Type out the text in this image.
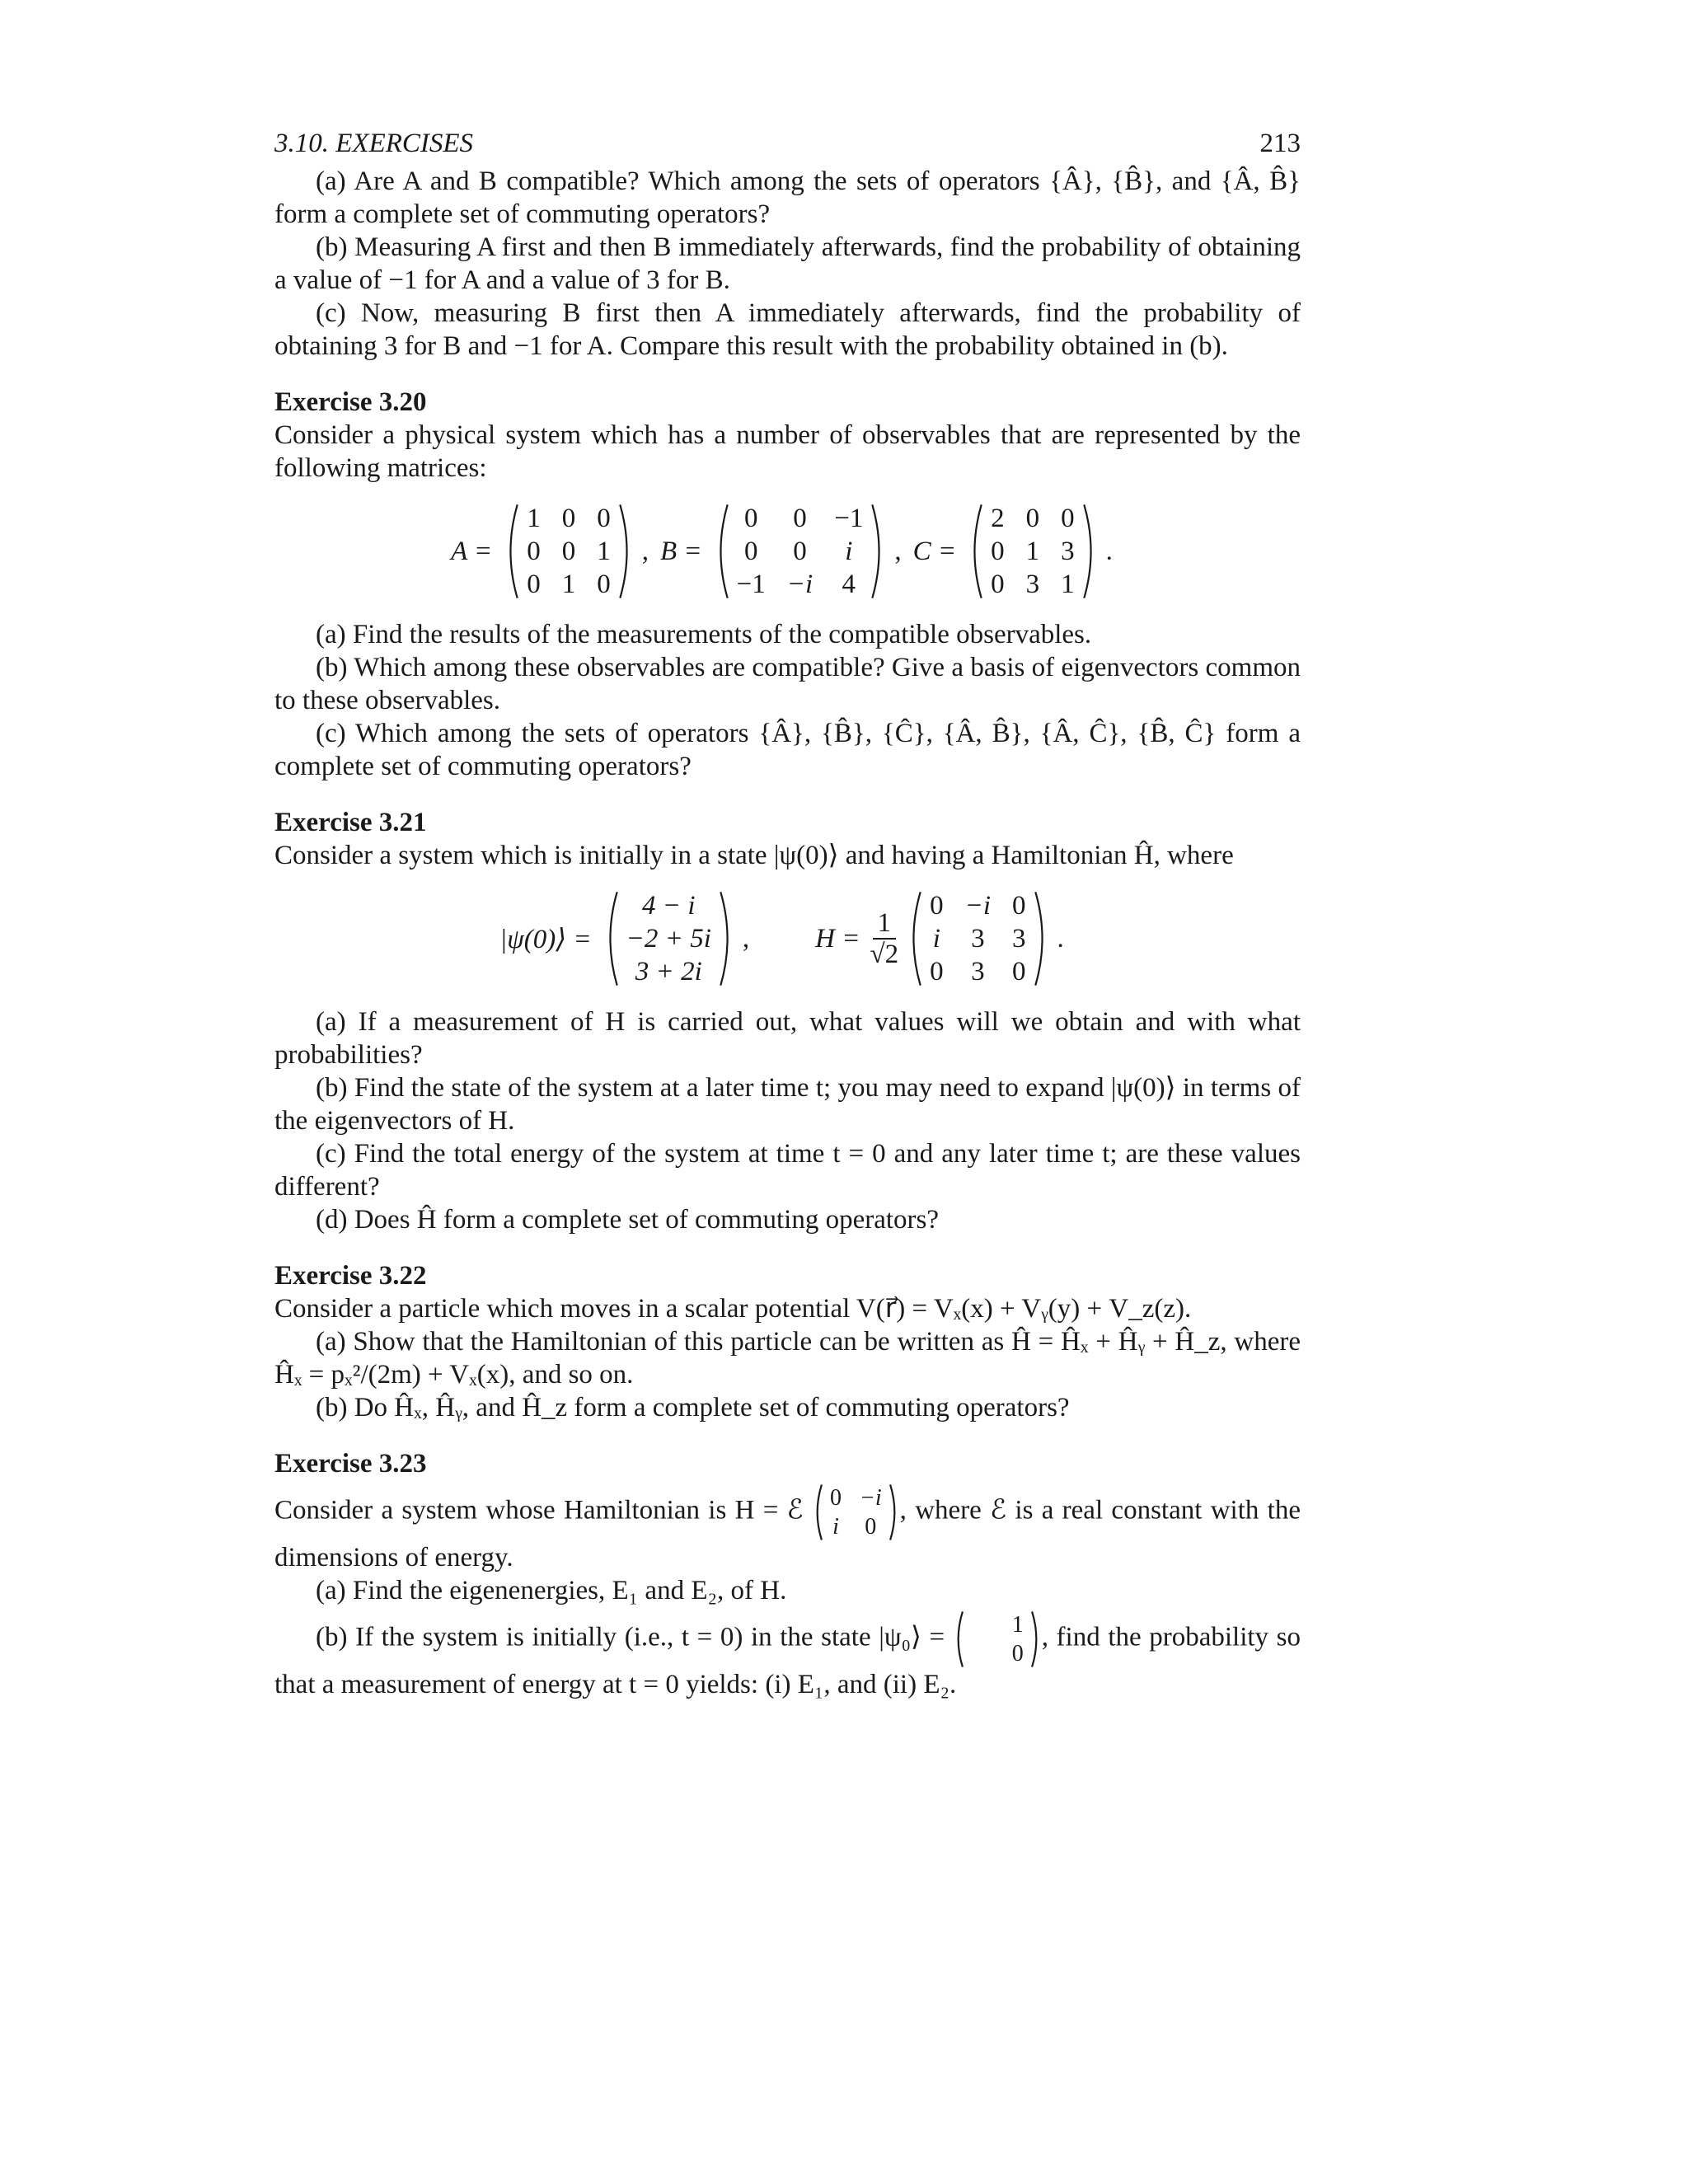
3.10. EXERCISES	213

(a) Are A and B compatible? Which among the sets of operators {Â}, {B̂}, and {Â, B̂} form a complete set of commuting operators?

(b) Measuring A first and then B immediately afterwards, find the probability of obtaining a value of −1 for A and a value of 3 for B.

(c) Now, measuring B first then A immediately afterwards, find the probability of obtaining 3 for B and −1 for A. Compare this result with the probability obtained in (b).

Exercise 3.20

Consider a physical system which has a number of observables that are represented by the following matrices:

A =
1 0 0
0 0 1
0 1 0
, B =
0 0 −1
0 0	i
−1 −i 4
, C =
2 0 0
0 1 3
0 3 1
.

(a) Find the results of the measurements of the compatible observables.

(b) Which among these observables are compatible? Give a basis of eigenvectors common to these observables.

(c) Which among the sets of operators {Â}, {B̂}, {Ĉ}, {Â, B̂}, {Â, Ĉ}, {B̂, Ĉ} form a complete set of commuting operators?

Exercise 3.21

Consider a system which is initially in a state |ψ(0)⟩ and having a Hamiltonian Ĥ, where

|ψ(0)⟩ =
4 − i
−2 + 5i
3 + 2i
, $H = \frac{1}{√2}$
0 −i 0
i 3 3
0 3 0
.

(a) If a measurement of H is carried out, what values will we obtain and with what probabilities?

(b) Find the state of the system at a later time t; you may need to expand |ψ(0)⟩ in terms of the eigenvectors of H.

(c) Find the total energy of the system at time t = 0 and any later time t; are these values different?

(d) Does Ĥ form a complete set of commuting operators?

Exercise 3.22

Consider a particle which moves in a scalar potential V(r⃗) = Vₓ(x) + Vᵧ(y) + V_z(z).

(a) Show that the Hamiltonian of this particle can be written as Ĥ = Ĥₓ + Ĥᵧ + Ĥ_z, where Ĥₓ = pₓ²/(2m) + Vₓ(x), and so on.

(b) Do Ĥₓ, Ĥᵧ, and Ĥ_z form a complete set of commuting operators?

Exercise 3.23

Consider a system whose Hamiltonian is H = ℰ 0 −i
i 0
, where ℰ is a real constant with the dimensions of energy.

(a) Find the eigenenergies, E₁ and E₂, of H.

(b) If the system is initially (i.e., t = 0) in the state |ψ₀⟩ =	1
0
, find the probability so that a measurement of energy at t = 0 yields: (i) E₁, and (ii) E₂.
